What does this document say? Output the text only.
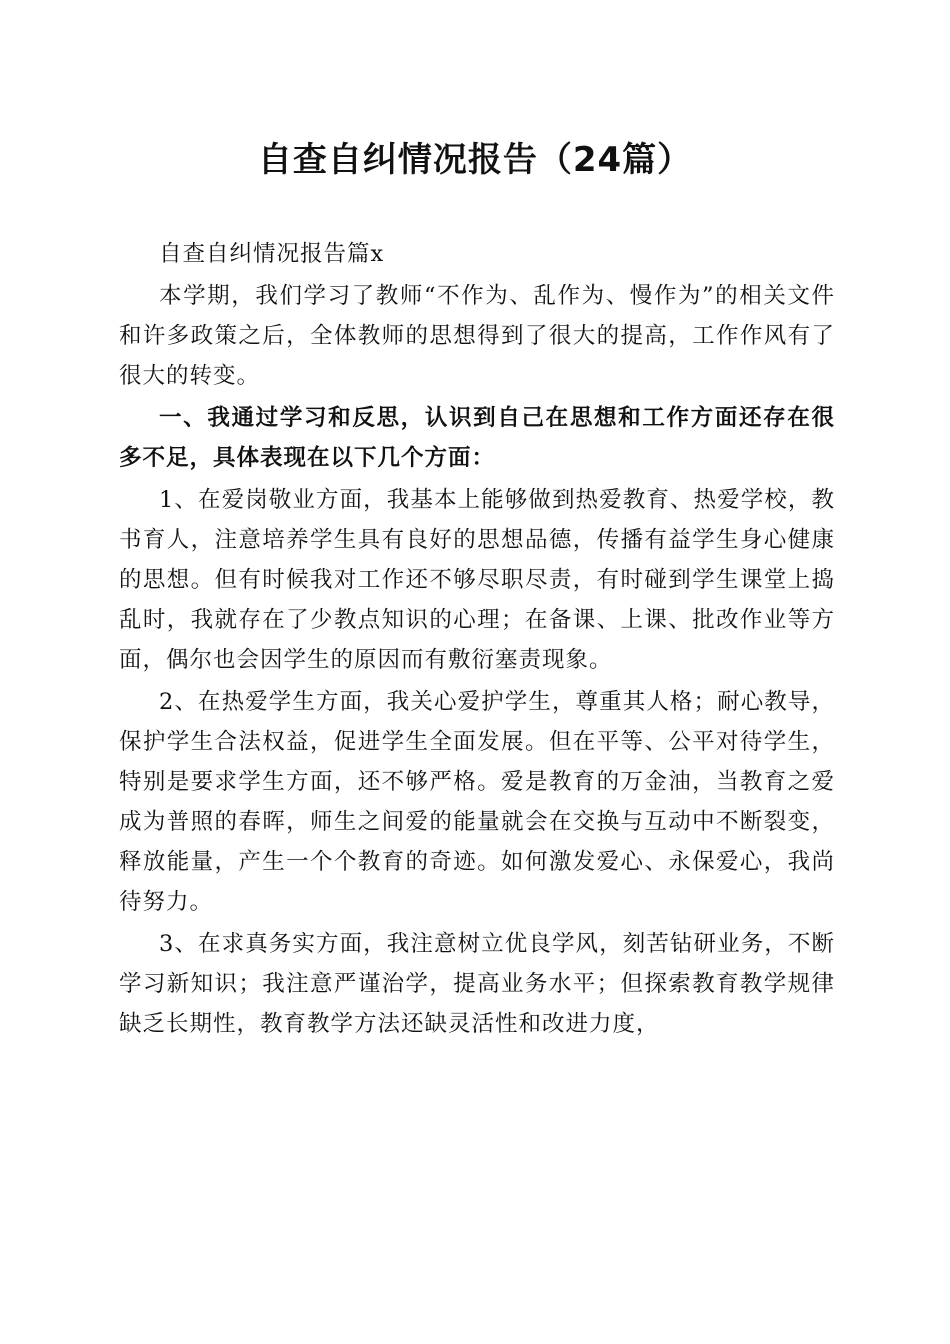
自查自纠情况报告（24篇）

自查自纠情况报告篇x

本学期，我们学习了教师“不作为、乱作为、慢作为”的相关文件和许多政策之后，全体教师的思想得到了很大的提高，工作作风有了很大的转变。

一、我通过学习和反思，认识到自己在思想和工作方面还存在很多不足，具体表现在以下几个方面：

1、在爱岗敬业方面，我基本上能够做到热爱教育、热爱学校，教书育人，注意培养学生具有良好的思想品德，传播有益学生身心健康的思想。但有时候我对工作还不够尽职尽责，有时碰到学生课堂上捣乱时，我就存在了少教点知识的心理；在备课、上课、批改作业等方面，偶尔也会因学生的原因而有敷衍塞责现象。

2、在热爱学生方面，我关心爱护学生，尊重其人格；耐心教导，保护学生合法权益，促进学生全面发展。但在平等、公平对待学生，特别是要求学生方面，还不够严格。爱是教育的万金油，当教育之爱成为普照的春晖，师生之间爱的能量就会在交换与互动中不断裂变，释放能量，产生一个个教育的奇迹。如何激发爱心、永保爱心，我尚待努力。

3、在求真务实方面，我注意树立优良学风，刻苦钻研业务，不断学习新知识；我注意严谨治学，提高业务水平；但探索教育教学规律缺乏长期性，教育教学方法还缺灵活性和改进力度，
